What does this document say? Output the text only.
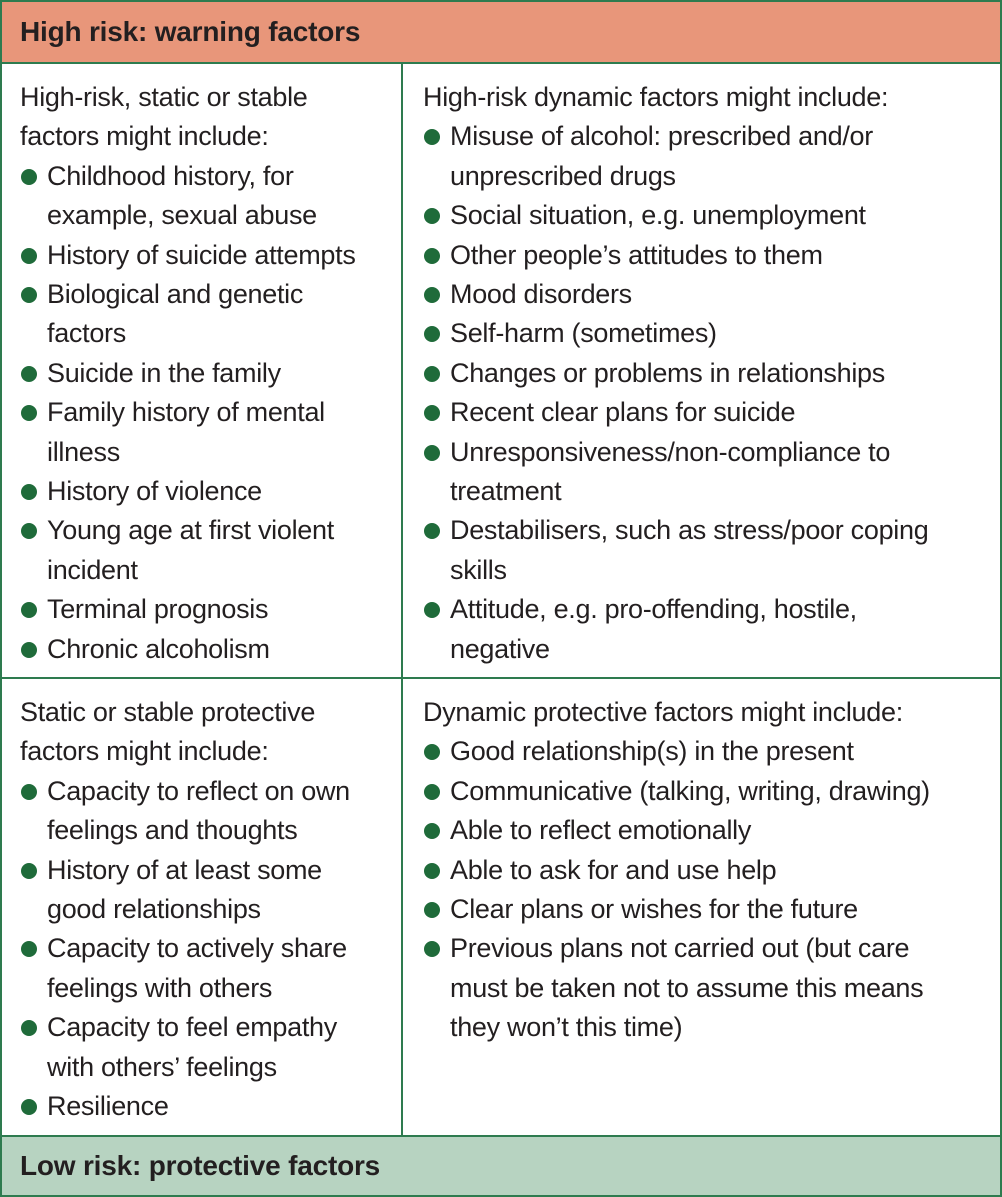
High risk: warning factors
High-risk, static or stable
factors might include:
Childhood history, for
example, sexual abuse
History of suicide attempts
Biological and genetic
factors
Suicide in the family
Family history of mental
illness
History of violence
Young age at first violent
incident
Terminal prognosis
Chronic alcoholism
High-risk dynamic factors might include:
Misuse of alcohol: prescribed and/or
unprescribed drugs
Social situation, e.g. unemployment
Other people’s attitudes to them
Mood disorders
Self-harm (sometimes)
Changes or problems in relationships
Recent clear plans for suicide
Unresponsiveness/non-compliance to
treatment
Destabilisers, such as stress/poor coping
skills
Attitude, e.g. pro-offending, hostile,
negative
Static or stable protective
factors might include:
Capacity to reflect on own
feelings and thoughts
History of at least some
good relationships
Capacity to actively share
feelings with others
Capacity to feel empathy
with others’ feelings
Resilience
Dynamic protective factors might include:
Good relationship(s) in the present
Communicative (talking, writing, drawing)
Able to reflect emotionally
Able to ask for and use help
Clear plans or wishes for the future
Previous plans not carried out (but care
must be taken not to assume this means
they won’t this time)
Low risk: protective factors
